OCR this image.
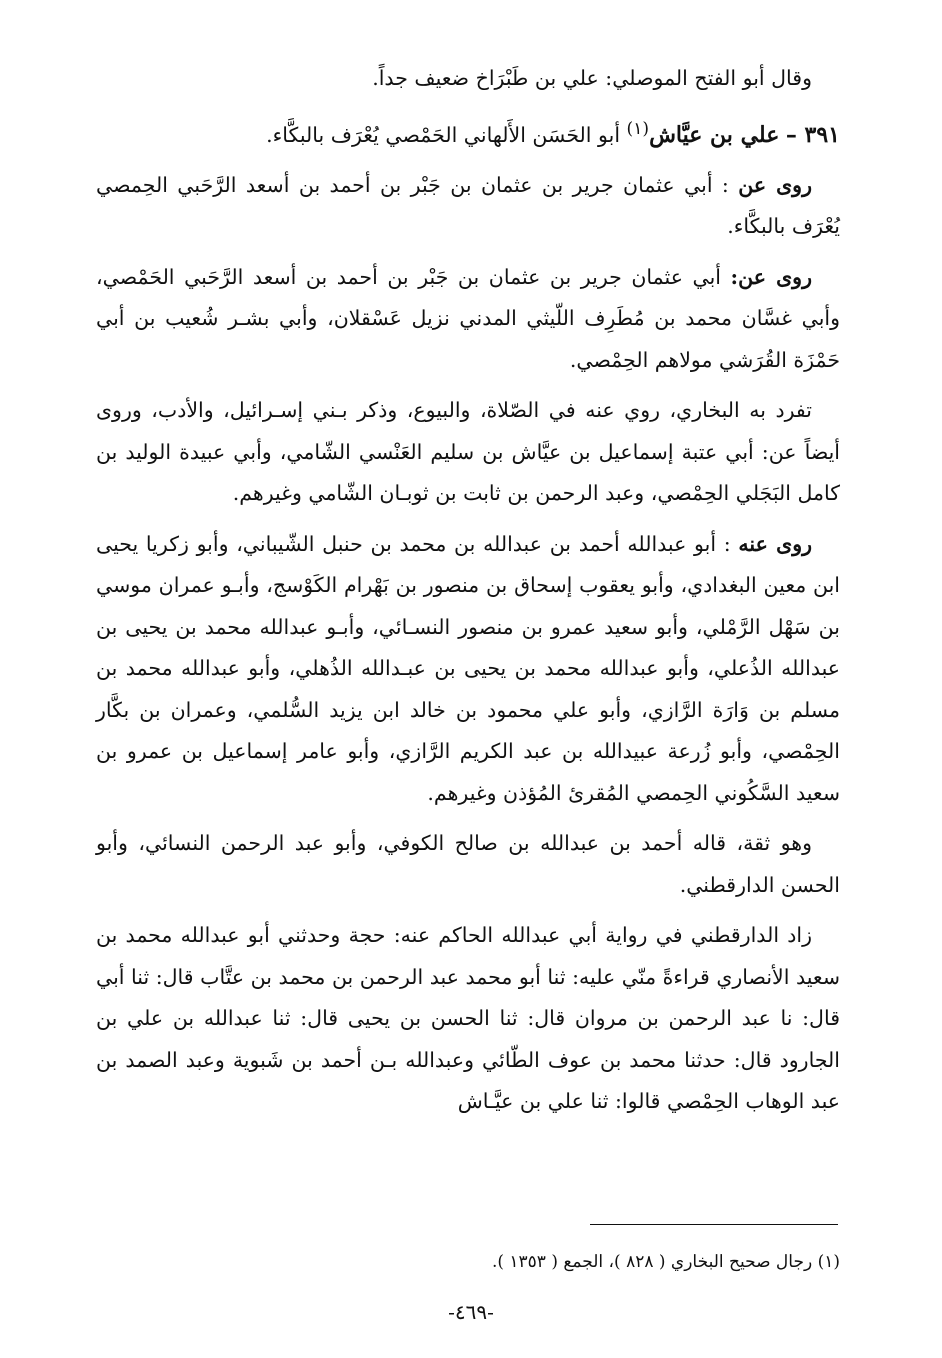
وقال أبو الفتح الموصلي: علي بن طَبْرَاخ ضعيف جداً.

٣٩١ – علي بن عيَّاش$^{(١)}$ أبو الحَسَن الأَلهاني الحَمْصي يُعْرَف بالبكَّاء.

روى عن : أبي عثمان جرير بن عثمان بن جَبْر بن أحمد بن أسعد الرَّحَبي الحِمصي يُعْرَف بالبكَّاء.

روى عن: أبي عثمان جرير بن عثمان بن جَبْر بن أحمد بن أسعد الرَّحَبي الحَمْصي، وأبي غسَّان محمد بن مُطَرِف اللّيثي المدني نزيل عَسْقلان، وأبي بشـر شُعيب بن أبي حَمْزَة القُرَشي مولاهم الحِمْصي.

تفرد به البخاري، روي عنه في الصّلاة، والبيوع، وذكر بـني إسـرائيل، والأدب، وروى أيضاً عن: أبي عتبة إسماعيل بن عيَّاش بن سليم العَنْسي الشّامي، وأبي عبيدة الوليد بن كامل البَجَلي الحِمْصي، وعبد الرحمن بن ثابت بن ثوبـان الشّامي وغيرهم.

روى عنه : أبو عبدالله أحمد بن عبدالله بن محمد بن حنبل الشّيباني، وأبو زكريا يحيى ابن معين البغدادي، وأبو يعقوب إسحاق بن منصور بن بَهْرام الكَوْسج، وأبـو عمران موسي بن سَهْل الرَّمْلي، وأبو سعيد عمرو بن منصور النسـائي، وأبـو عبدالله محمد بن يحيى بن عبدالله الذُعلي، وأبو عبدالله محمد بن يحيى بن عبـدالله الذُهلي، وأبو عبدالله محمد بن مسلم بن وَارَة الرَّازي، وأبو علي محمود بن خالد ابن يزيد السُّلمي، وعمران بن بكَّار الحِمْصي، وأبو زُرعة عبيدالله بن عبد الكريم الرَّازي، وأبو عامر إسماعيل بن عمرو بن سعيد السَّكُوني الحِمصي المُقرئ المُؤذن وغيرهم.

وهو ثقة، قاله أحمد بن عبدالله بن صالح الكوفي، وأبو عبد الرحمن النسائي، وأبو الحسن الدارقطني.

زاد الدارقطني في رواية أبي عبدالله الحاكم عنه: حجة وحدثني أبو عبدالله محمد بن سعيد الأنصاري قراءةً منّي عليه: ثنا أبو محمد عبد الرحمن بن محمد بن عتَّاب قال: ثنا أبي قال: نا عبد الرحمن بن مروان قال: ثنا الحسن بن يحيى قال: ثنا عبدالله بن علي بن الجارود قال: حدثنا محمد بن عوف الطّائي وعبدالله بـن أحمد بن شَبوية وعبد الصمد بن عبد الوهاب الحِمْصي قالوا: ثنا علي بن عيَّـاش

(١) رجال صحيح البخاري ( ٨٢٨ )، الجمع ( ١٣٥٣ ).
-٤٦٩-
